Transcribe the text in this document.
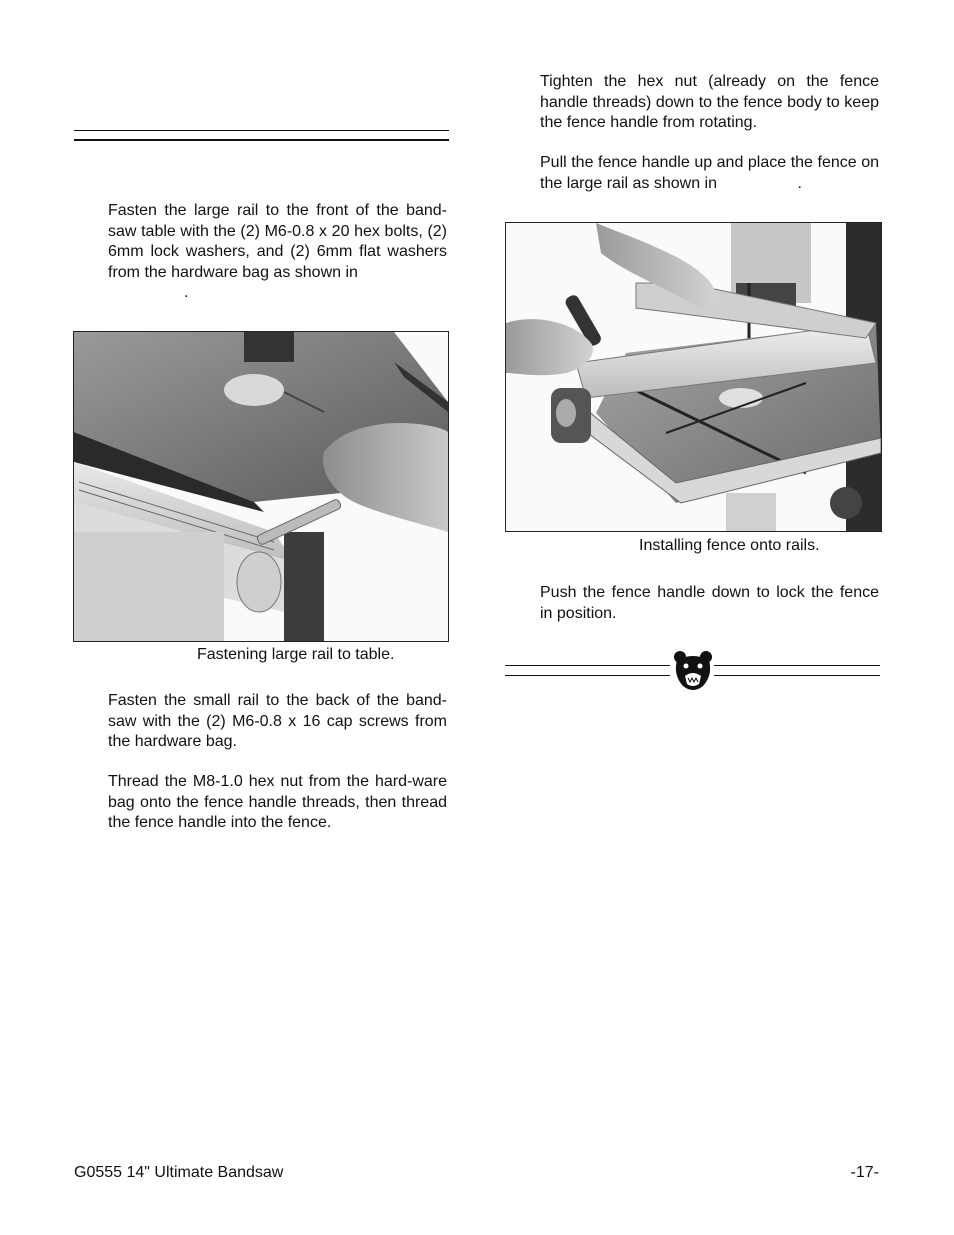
Fasten the large rail to the front of the band-saw table with the (2) M6-0.8 x 20 hex bolts, (2) 6mm lock washers, and (2) 6mm flat washers from the hardware bag as shown in
.

Fastening large rail to table.

Fasten the small rail to the back of the band-saw with the (2) M6-0.8 x 16 cap screws from the hardware bag.

Thread the M8-1.0 hex nut from the hard-ware bag onto the fence handle threads, then thread the fence handle into the fence.

Tighten the hex nut (already on the fence handle threads) down to the fence body to keep the fence handle from rotating.

Pull the fence handle up and place the fence on the large rail as shown in	.

Installing fence onto rails.

Push the fence handle down to lock the fence in position.

G0555 14" Ultimate Bandsaw	-17-
